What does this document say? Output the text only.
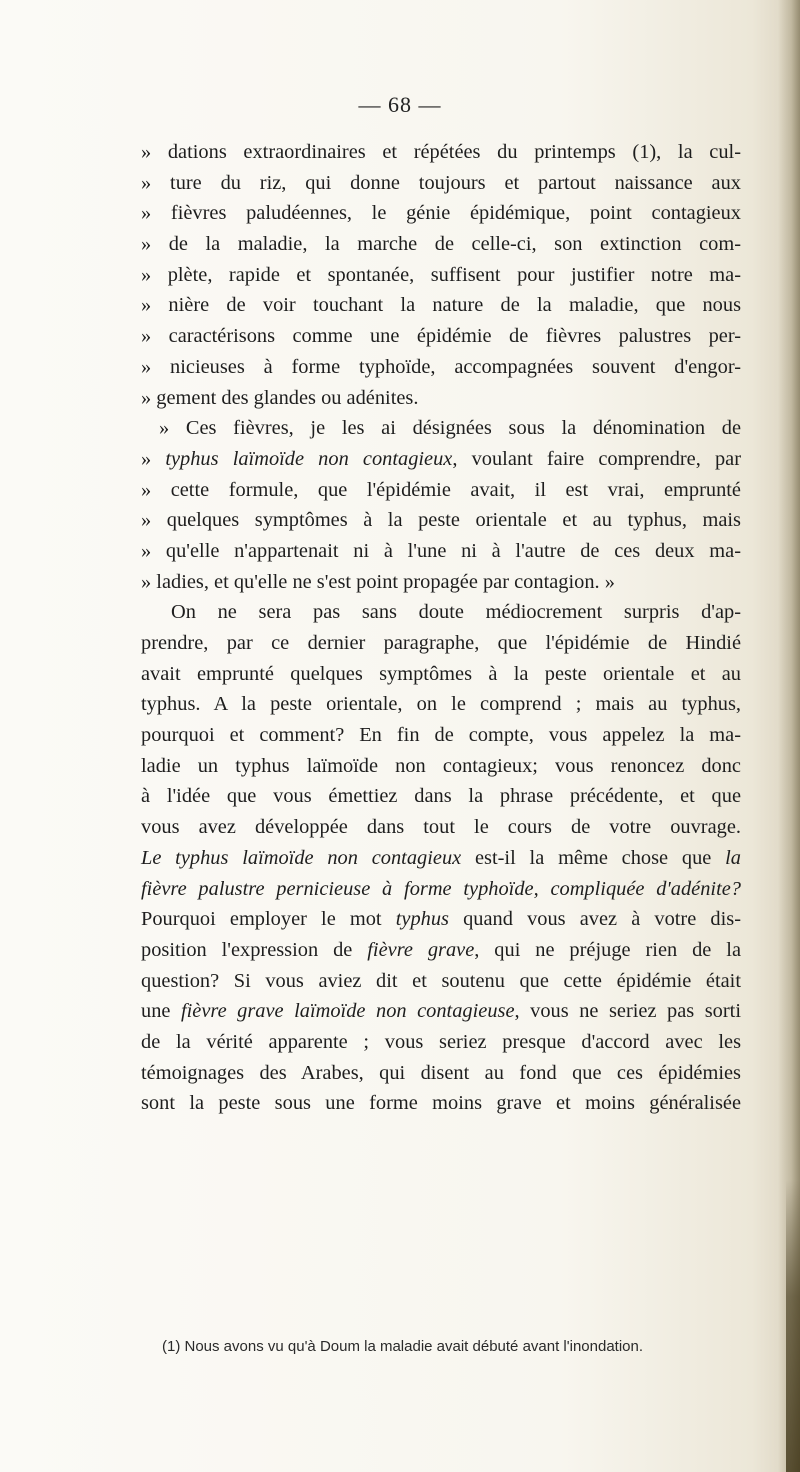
— 68 —
» dations extraordinaires et répétées du printemps (1), la cul-
» ture du riz, qui donne toujours et partout naissance aux
» fièvres paludéennes, le génie épidémique, point contagieux
» de la maladie, la marche de celle-ci, son extinction com-
» plète, rapide et spontanée, suffisent pour justifier notre ma-
» nière de voir touchant la nature de la maladie, que nous
» caractérisons comme une épidémie de fièvres palustres per-
» nicieuses à forme typhoïde, accompagnées souvent d'engor-
» gement des glandes ou adénites.
» Ces fièvres, je les ai désignées sous la dénomination de
» typhus laïmoïde non contagieux, voulant faire comprendre, par
» cette formule, que l'épidémie avait, il est vrai, emprunté
» quelques symptômes à la peste orientale et au typhus, mais
» qu'elle n'appartenait ni à l'une ni à l'autre de ces deux ma-
» ladies, et qu'elle ne s'est point propagée par contagion. »
On ne sera pas sans doute médiocrement surpris d'ap-
prendre, par ce dernier paragraphe, que l'épidémie de Hindié
avait emprunté quelques symptômes à la peste orientale et au
typhus. A la peste orientale, on le comprend ; mais au typhus,
pourquoi et comment? En fin de compte, vous appelez la ma-
ladie un typhus laïmoïde non contagieux; vous renoncez donc
à l'idée que vous émettiez dans la phrase précédente, et que
vous avez développée dans tout le cours de votre ouvrage.
Le typhus laïmoïde non contagieux est-il la même chose que la
fièvre palustre pernicieuse à forme typhoïde, compliquée d'adénite?
Pourquoi employer le mot typhus quand vous avez à votre dis-
position l'expression de fièvre grave, qui ne préjuge rien de la
question? Si vous aviez dit et soutenu que cette épidémie était
une fièvre grave laïmoïde non contagieuse, vous ne seriez pas sorti
de la vérité apparente ; vous seriez presque d'accord avec les
témoignages des Arabes, qui disent au fond que ces épidémies
sont la peste sous une forme moins grave et moins généralisée
(1) Nous avons vu qu'à Doum la maladie avait débuté avant l'inondation.
